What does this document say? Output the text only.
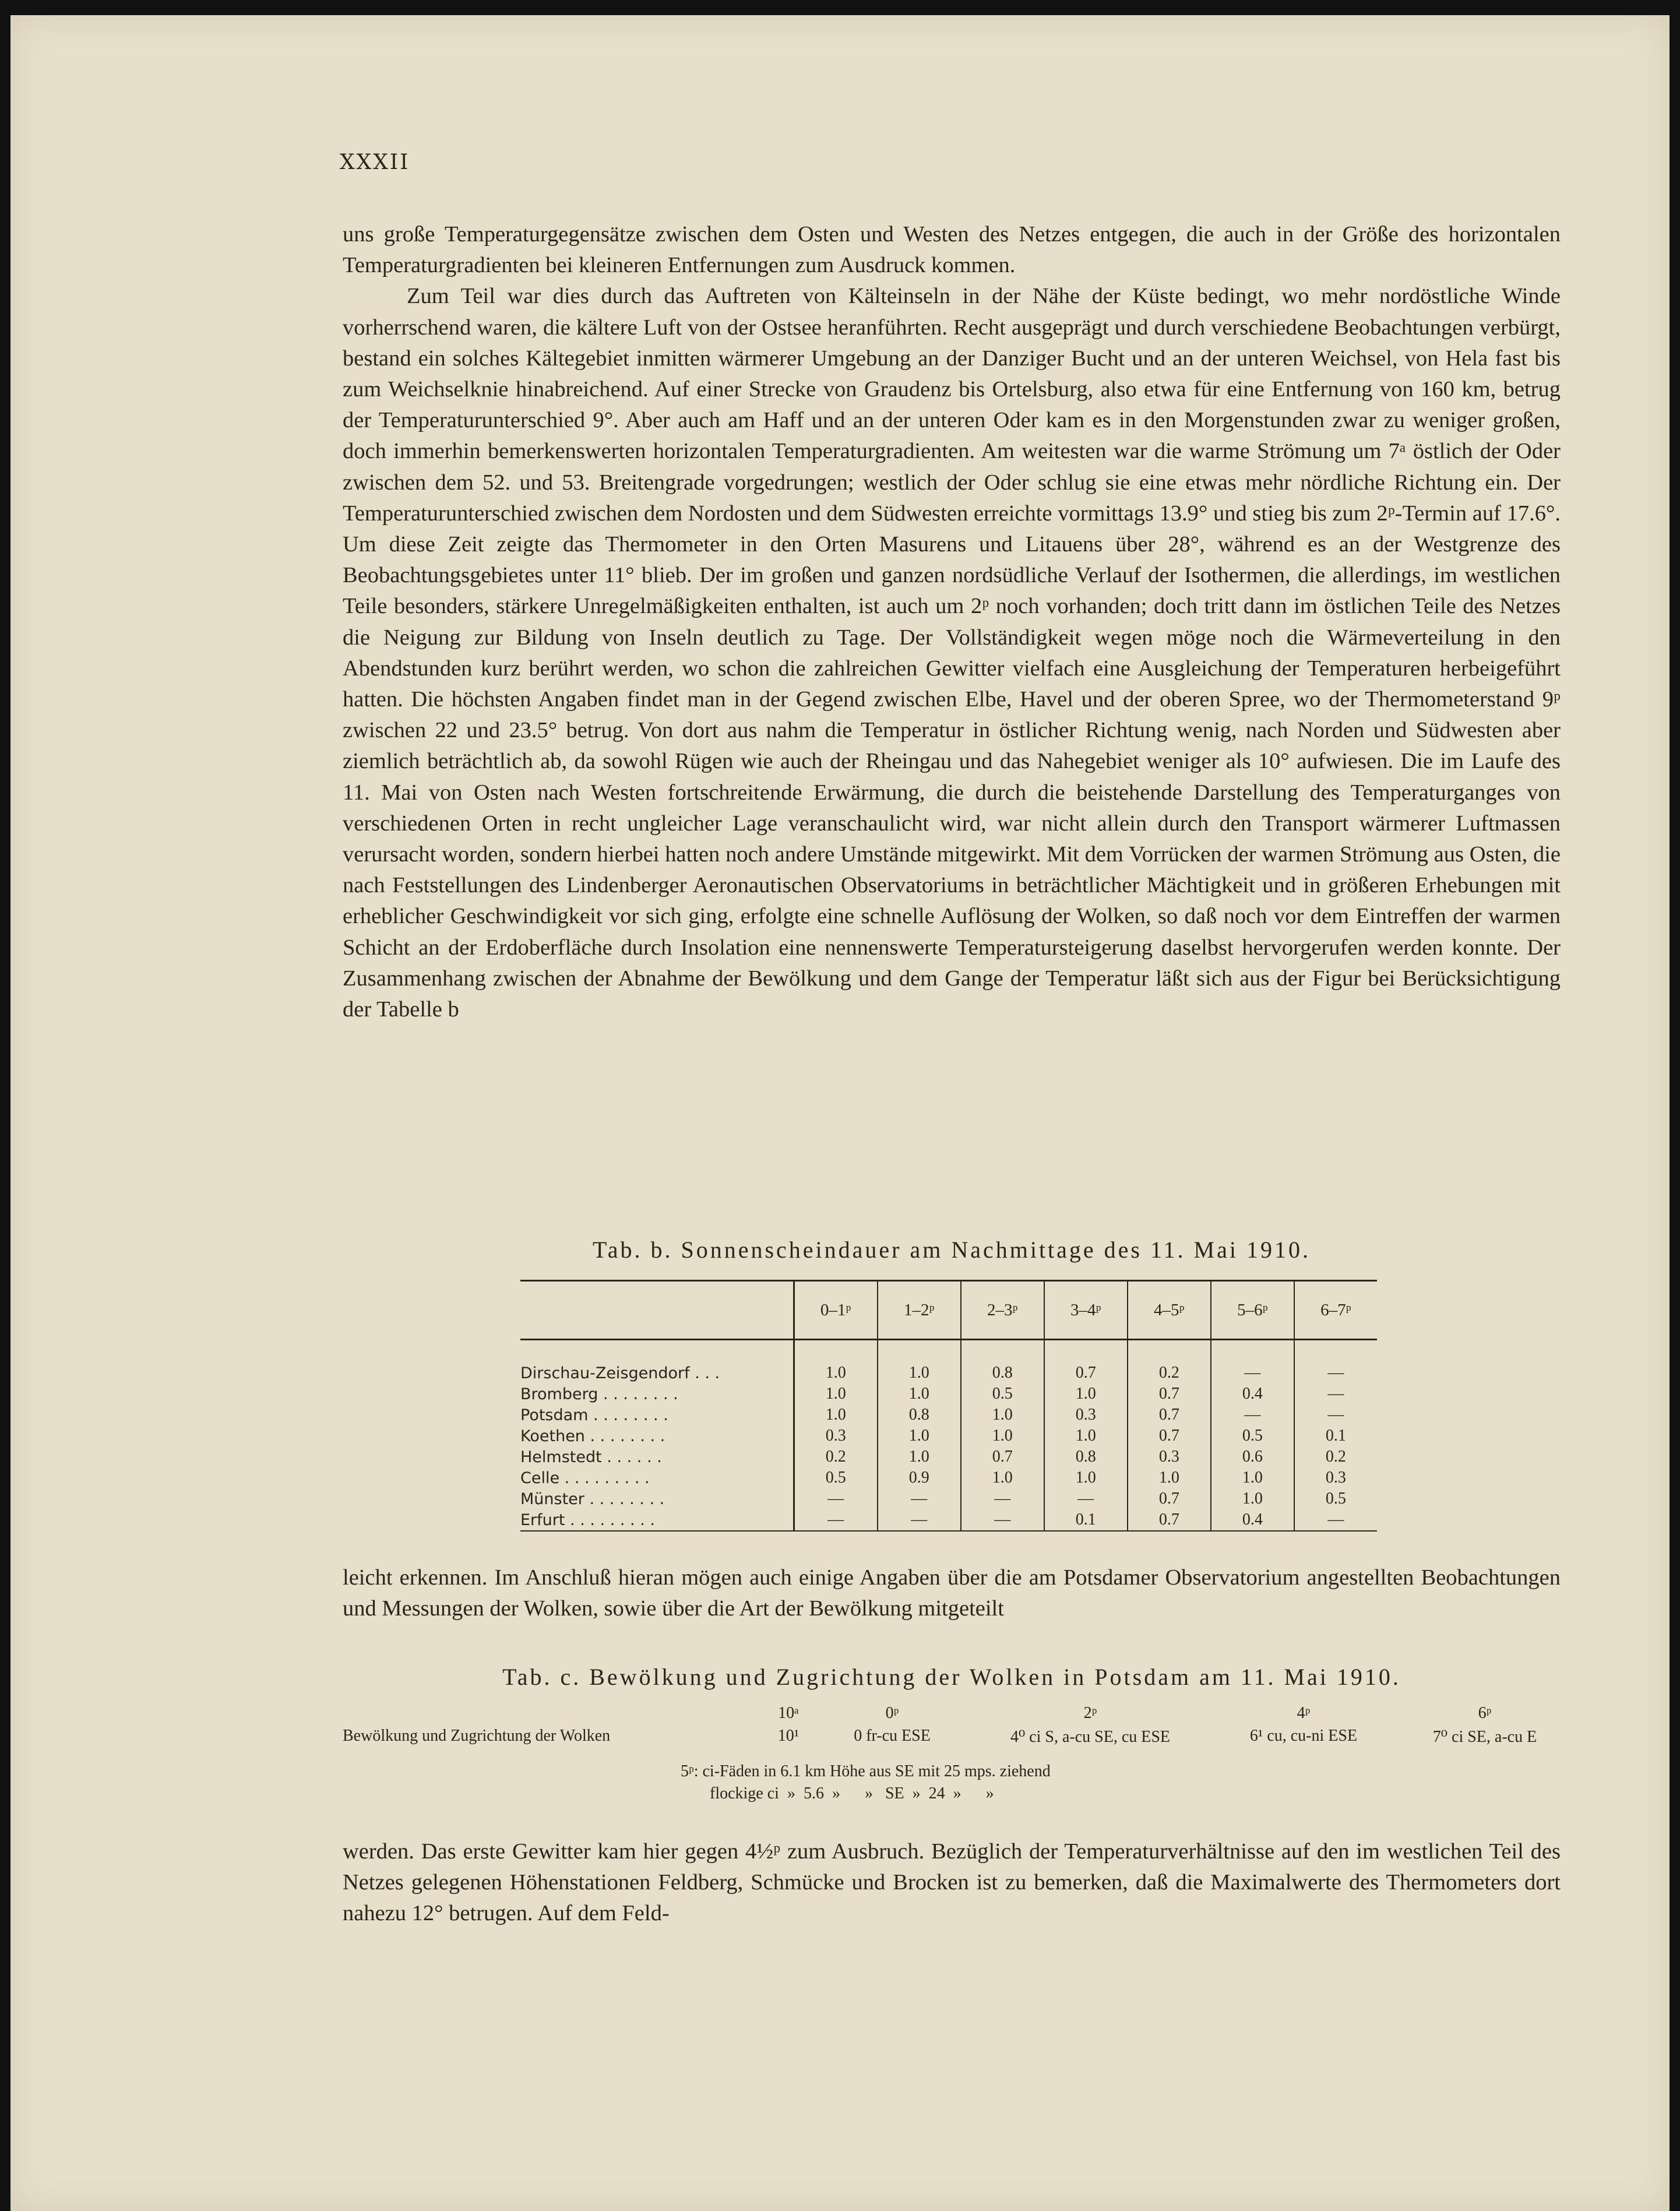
XXXII

uns große Temperaturgegensätze zwischen dem Osten und Westen des Netzes entgegen, die auch in der Größe des horizontalen Temperaturgradienten bei kleineren Entfernungen zum Ausdruck kommen.

Zum Teil war dies durch das Auftreten von Kälteinseln in der Nähe der Küste bedingt, wo mehr nordöstliche Winde vorherrschend waren, die kältere Luft von der Ostsee heranführten. Recht ausgeprägt und durch verschiedene Beobachtungen verbürgt, bestand ein solches Kältegebiet inmitten wärmerer Umgebung an der Danziger Bucht und an der unteren Weichsel, von Hela fast bis zum Weichselknie hinabreichend. Auf einer Strecke von Graudenz bis Ortelsburg, also etwa für eine Entfernung von 160 km, betrug der Temperaturunterschied 9°. Aber auch am Haff und an der unteren Oder kam es in den Morgenstunden zwar zu weniger großen, doch immerhin bemerkenswerten horizontalen Temperaturgradienten. Am weitesten war die warme Strömung um 7ᵃ östlich der Oder zwischen dem 52. und 53. Breitengrade vorgedrungen; westlich der Oder schlug sie eine etwas mehr nördliche Richtung ein. Der Temperaturunterschied zwischen dem Nordosten und dem Südwesten erreichte vormittags 13.9° und stieg bis zum 2ᵖ-Termin auf 17.6°. Um diese Zeit zeigte das Thermometer in den Orten Masurens und Litauens über 28°, während es an der Westgrenze des Beobachtungsgebietes unter 11° blieb. Der im großen und ganzen nordsüdliche Verlauf der Isothermen, die allerdings, im westlichen Teile besonders, stärkere Unregelmäßigkeiten enthalten, ist auch um 2ᵖ noch vorhanden; doch tritt dann im östlichen Teile des Netzes die Neigung zur Bildung von Inseln deutlich zu Tage. Der Vollständigkeit wegen möge noch die Wärmeverteilung in den Abendstunden kurz berührt werden, wo schon die zahlreichen Gewitter vielfach eine Ausgleichung der Temperaturen herbeigeführt hatten. Die höchsten Angaben findet man in der Gegend zwischen Elbe, Havel und der oberen Spree, wo der Thermometerstand 9ᵖ zwischen 22 und 23.5° betrug. Von dort aus nahm die Temperatur in östlicher Richtung wenig, nach Norden und Südwesten aber ziemlich beträchtlich ab, da sowohl Rügen wie auch der Rheingau und das Nahegebiet weniger als 10° aufwiesen. Die im Laufe des 11. Mai von Osten nach Westen fortschreitende Erwärmung, die durch die beistehende Darstellung des Temperaturganges von verschiedenen Orten in recht ungleicher Lage veranschaulicht wird, war nicht allein durch den Transport wärmerer Luftmassen verursacht worden, sondern hierbei hatten noch andere Umstände mitgewirkt. Mit dem Vorrücken der warmen Strömung aus Osten, die nach Feststellungen des Lindenberger Aeronautischen Observatoriums in beträchtlicher Mächtigkeit und in größeren Erhebungen mit erheblicher Geschwindigkeit vor sich ging, erfolgte eine schnelle Auflösung der Wolken, so daß noch vor dem Eintreffen der warmen Schicht an der Erdoberfläche durch Insolation eine nennenswerte Temperatursteigerung daselbst hervorgerufen werden konnte. Der Zusammenhang zwischen der Abnahme der Bewölkung und dem Gange der Temperatur läßt sich aus der Figur bei Berücksichtigung der Tabelle b

Tab. b. Sonnenscheindauer am Nachmittage des 11. Mai 1910.
	0–1ᵖ	1–2ᵖ	2–3ᵖ	3–4ᵖ	4–5ᵖ	5–6ᵖ	6–7ᵖ

Dirschau-Zeisgendorf . . .	1.0	1.0	0.8	0.7	0.2	—	—
Bromberg . . . . . . . .	1.0	1.0	0.5	1.0	0.7	0.4	—
Potsdam . . . . . . . .	1.0	0.8	1.0	0.3	0.7	—	—
Koethen . . . . . . . .	0.3	1.0	1.0	1.0	0.7	0.5	0.1
Helmstedt . . . . . .	0.2	1.0	0.7	0.8	0.3	0.6	0.2
Celle . . . . . . . . .	0.5	0.9	1.0	1.0	1.0	1.0	0.3
Münster . . . . . . . .	—	—	—	—	0.7	1.0	0.5
Erfurt . . . . . . . . .	—	—	—	0.1	0.7	0.4	—

leicht erkennen. Im Anschluß hieran mögen auch einige Angaben über die am Potsdamer Observatorium angestellten Beobachtungen und Messungen der Wolken, sowie über die Art der Bewölkung mitgeteilt

Tab. c. Bewölkung und Zugrichtung der Wolken in Potsdam am 11. Mai 1910.
10ᵃ	0ᵖ	2ᵖ	4ᵖ	6ᵖ
Bewölkung und Zugrichtung der Wolken	10¹	0 fr-cu ESE	4⁰ ci S, a-cu SE, cu ESE	6¹ cu, cu-ni ESE	7⁰ ci SE, a-cu E
5ᵖ: ci-Fäden in 6.1 km Höhe aus SE mit 25 mps. ziehend
flockige ci  »  5.6  »      »   SE  »  24  »      »

werden. Das erste Gewitter kam hier gegen 4½ᵖ zum Ausbruch. Bezüglich der Temperaturverhältnisse auf den im westlichen Teil des Netzes gelegenen Höhenstationen Feldberg, Schmücke und Brocken ist zu bemerken, daß die Maximalwerte des Thermometers dort nahezu 12° betrugen. Auf dem Feld-
